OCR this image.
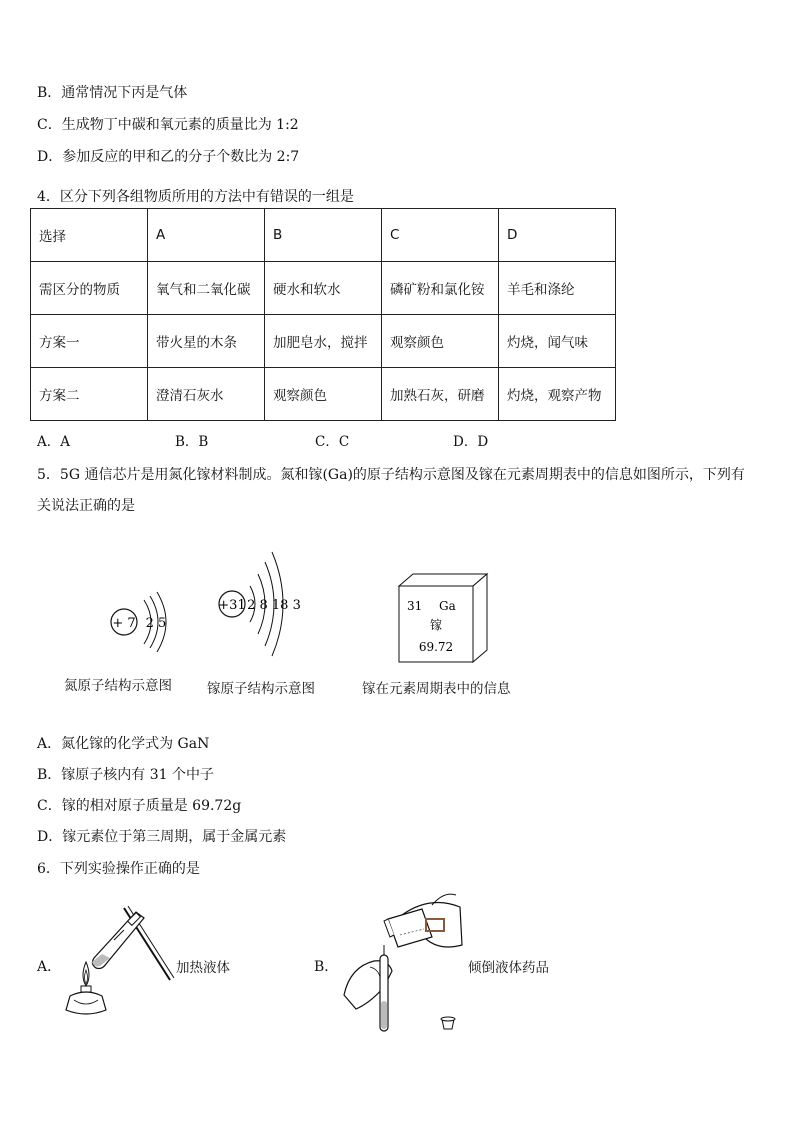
B．通常情况下丙是气体
C．生成物丁中碳和氧元素的质量比为 1:2
D．参加反应的甲和乙的分子个数比为 2:7
4．区分下列各组物质所用的方法中有错误的一组是
选择	A	B	C	D
需区分的物质	氧气和二氧化碳	硬水和软水	磷矿粉和氯化铵	羊毛和涤纶
方案一	带火星的木条	加肥皂水，搅拌	观察颜色	灼烧，闻气味
方案二	澄清石灰水	观察颜色	加熟石灰，研磨	灼烧，观察产物
A．A	B．B	C．C	D．D
5．5G 通信芯片是用氮化镓材料制成。氮和镓(Ga)的原子结构示意图及镓在元素周期表中的信息如图所示，下列有关说法正确的是
+ 7 2 5
+31 2 8 18 3	31 Ga
镓
69.72
氮原子结构示意图	镓原子结构示意图	镓在元素周期表中的信息
A．氮化镓的化学式为 GaN
B．镓原子核内有 31 个中子
C．镓的相对原子质量是 69.72g
D．镓元素位于第三周期，属于金属元素
6．下列实验操作正确的是
A．	加热液体	B．	倾倒液体药品
